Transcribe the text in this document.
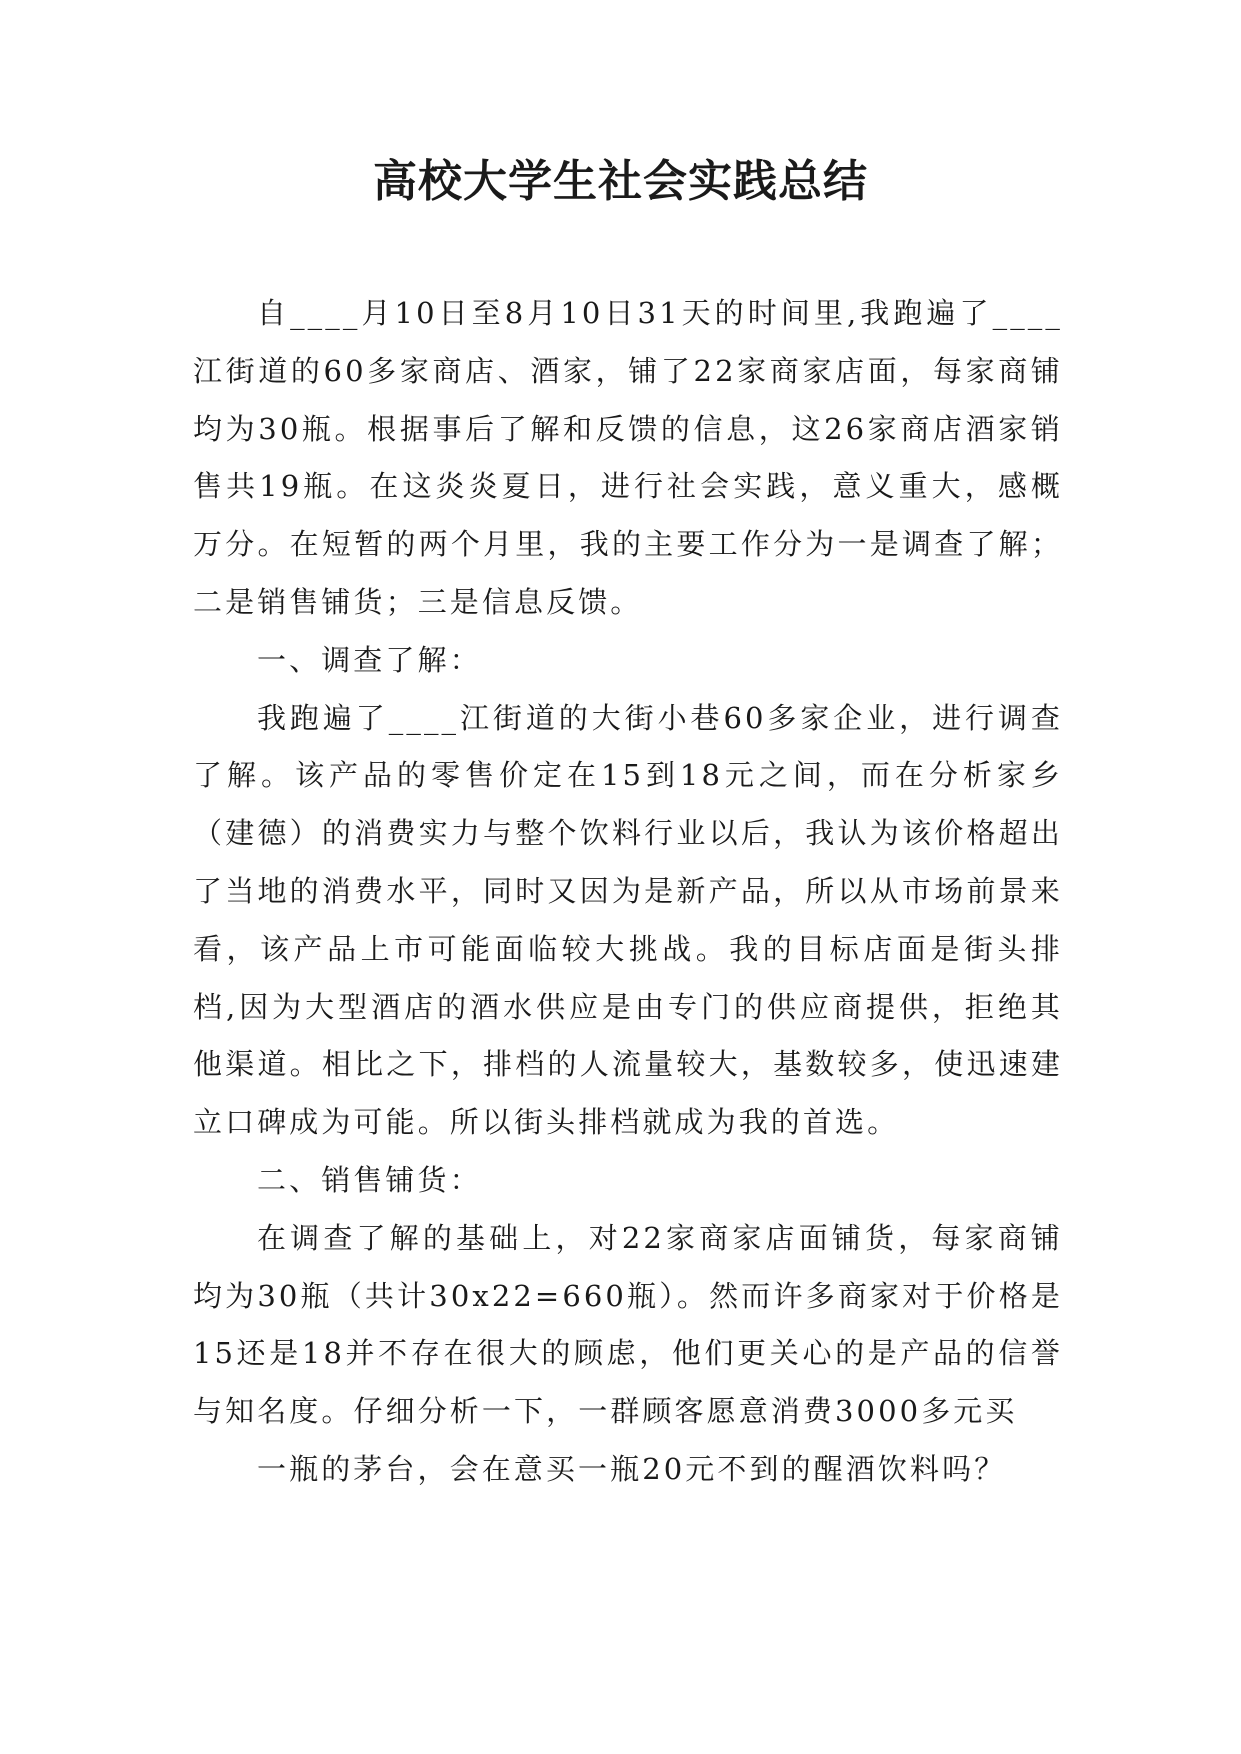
高校大学生社会实践总结

自____月10日至8月10日31天的时间里,我跑遍了____江街道的60多家商店、酒家，铺了22家商家店面，每家商铺均为30瓶。根据事后了解和反馈的信息，这26家商店酒家销售共19瓶。在这炎炎夏日，进行社会实践，意义重大，感概万分。在短暂的两个月里，我的主要工作分为一是调查了解；二是销售铺货；三是信息反馈。

一、调查了解：

我跑遍了____江街道的大街小巷60多家企业，进行调查了解。该产品的零售价定在15到18元之间，而在分析家乡（建德）的消费实力与整个饮料行业以后，我认为该价格超出了当地的消费水平，同时又因为是新产品，所以从市场前景来看，该产品上市可能面临较大挑战。我的目标店面是街头排档,因为大型酒店的酒水供应是由专门的供应商提供，拒绝其他渠道。相比之下，排档的人流量较大，基数较多，使迅速建立口碑成为可能。所以街头排档就成为我的首选。

二、销售铺货：

在调查了解的基础上，对22家商家店面铺货，每家商铺均为30瓶（共计30x22=660瓶）。然而许多商家对于价格是15还是18并不存在很大的顾虑，他们更关心的是产品的信誉与知名度。仔细分析一下，一群顾客愿意消费3000多元买

一瓶的茅台，会在意买一瓶20元不到的醒酒饮料吗？
